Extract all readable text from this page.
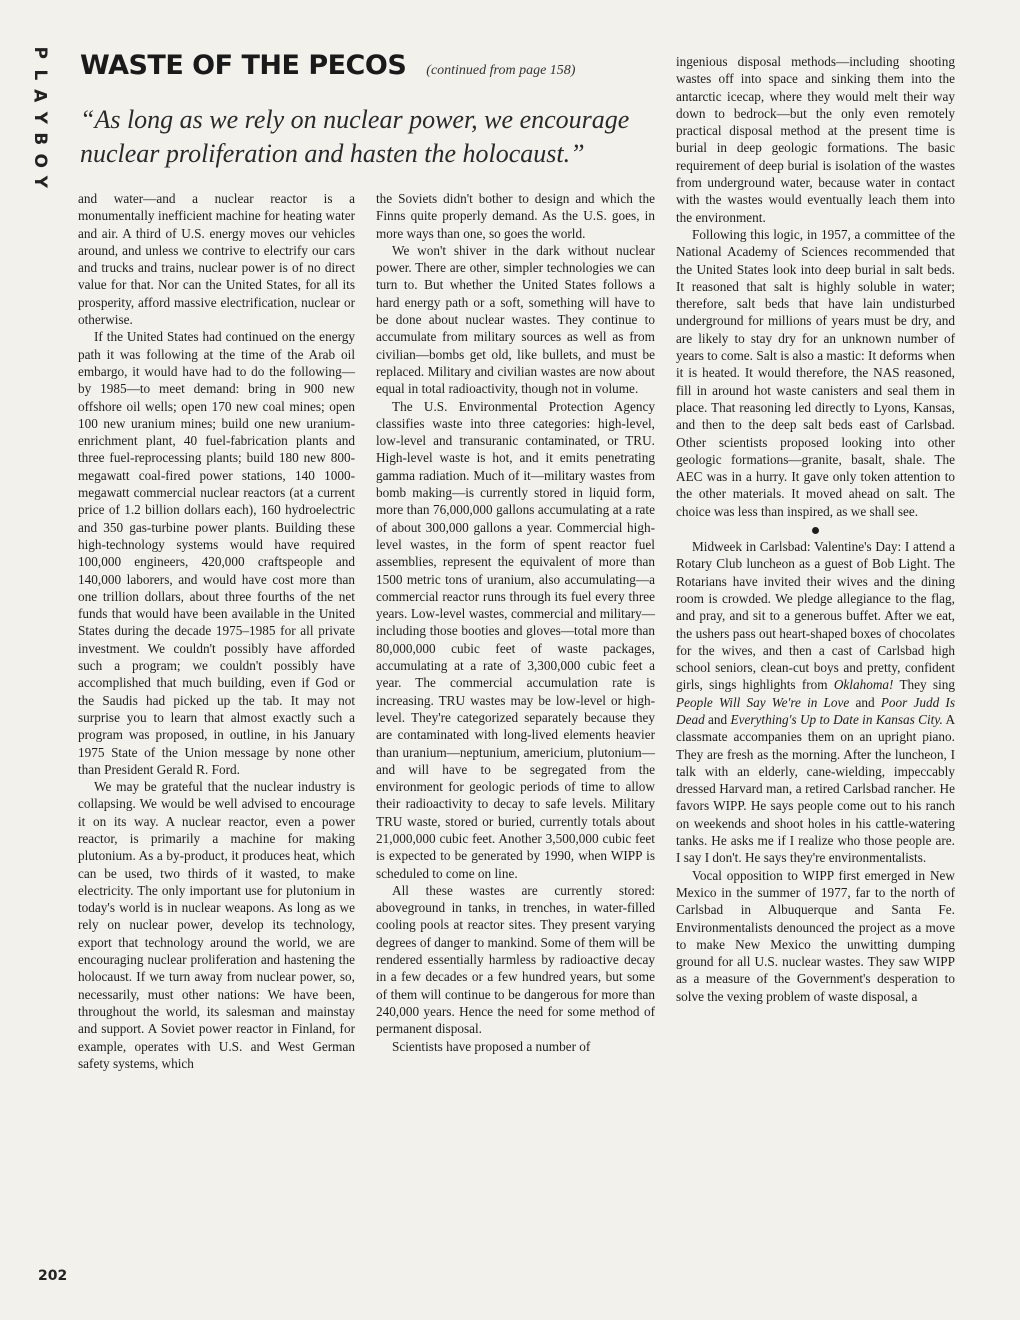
P
L
A
Y
B
O
Y
202
WASTE OF THE PECOS (continued from page 158)
“As long as we rely on nuclear power, we encourage nuclear proliferation and hasten the holocaust.”

and water—and a nuclear reactor is a monumentally inefficient machine for heating water and air. A third of U.S. energy moves our vehicles around, and unless we contrive to electrify our cars and trucks and trains, nuclear power is of no direct value for that. Nor can the United States, for all its prosperity, afford massive electrification, nuclear or otherwise.

If the United States had continued on the energy path it was following at the time of the Arab oil embargo, it would have had to do the following—by 1985—to meet demand: bring in 900 new offshore oil wells; open 170 new coal mines; open 100 new uranium mines; build one new uranium-enrichment plant, 40 fuel-fabrication plants and three fuel-reprocessing plants; build 180 new 800-megawatt coal-fired power stations, 140 1000-megawatt commercial nuclear reactors (at a current price of 1.2 billion dollars each), 160 hydroelectric and 350 gas-turbine power plants. Building these high-technology systems would have required 100,000 engineers, 420,000 craftspeople and 140,000 laborers, and would have cost more than one trillion dollars, about three fourths of the net funds that would have been available in the United States during the decade 1975–1985 for all private investment. We couldn't possibly have afforded such a program; we couldn't possibly have accomplished that much building, even if God or the Saudis had picked up the tab. It may not surprise you to learn that almost exactly such a program was proposed, in outline, in his January 1975 State of the Union message by none other than President Gerald R. Ford.

We may be grateful that the nuclear industry is collapsing. We would be well advised to encourage it on its way. A nuclear reactor, even a power reactor, is primarily a machine for making plutonium. As a by-product, it produces heat, which can be used, two thirds of it wasted, to make electricity. The only important use for plutonium in today's world is in nuclear weapons. As long as we rely on nuclear power, develop its technology, export that technology around the world, we are encouraging nuclear proliferation and hastening the holocaust. If we turn away from nuclear power, so, necessarily, must other nations: We have been, throughout the world, its salesman and mainstay and support. A Soviet power reactor in Finland, for example, operates with U.S. and West German safety systems, which

the Soviets didn't bother to design and which the Finns quite properly demand. As the U.S. goes, in more ways than one, so goes the world.

We won't shiver in the dark without nuclear power. There are other, simpler technologies we can turn to. But whether the United States follows a hard energy path or a soft, something will have to be done about nuclear wastes. They continue to accumulate from military sources as well as from civilian—bombs get old, like bullets, and must be replaced. Military and civilian wastes are now about equal in total radioactivity, though not in volume.

The U.S. Environmental Protection Agency classifies waste into three categories: high-level, low-level and transuranic contaminated, or TRU. High-level waste is hot, and it emits penetrating gamma radiation. Much of it—military wastes from bomb making—is currently stored in liquid form, more than 76,000,000 gallons accumulating at a rate of about 300,000 gallons a year. Commercial high-level wastes, in the form of spent reactor fuel assemblies, represent the equivalent of more than 1500 metric tons of uranium, also accumulating—a commercial reactor runs through its fuel every three years. Low-level wastes, commercial and military—including those booties and gloves—total more than 80,000,000 cubic feet of waste packages, accumulating at a rate of 3,300,000 cubic feet a year. The commercial accumulation rate is increasing. TRU wastes may be low-level or high-level. They're categorized separately because they are contaminated with long-lived elements heavier than uranium—neptunium, americium, plutonium—and will have to be segregated from the environment for geologic periods of time to allow their radioactivity to decay to safe levels. Military TRU waste, stored or buried, currently totals about 21,000,000 cubic feet. Another 3,500,000 cubic feet is expected to be generated by 1990, when WIPP is scheduled to come on line.

All these wastes are currently stored: aboveground in tanks, in trenches, in water-filled cooling pools at reactor sites. They present varying degrees of danger to mankind. Some of them will be rendered essentially harmless by radioactive decay in a few decades or a few hundred years, but some of them will continue to be dangerous for more than 240,000 years. Hence the need for some method of permanent disposal.

Scientists have proposed a number of

ingenious disposal methods—including shooting wastes off into space and sinking them into the antarctic icecap, where they would melt their way down to bedrock—but the only even remotely practical disposal method at the present time is burial in deep geologic formations. The basic requirement of deep burial is isolation of the wastes from underground water, because water in contact with the wastes would eventually leach them into the environment.

Following this logic, in 1957, a committee of the National Academy of Sciences recommended that the United States look into deep burial in salt beds. It reasoned that salt is highly soluble in water; therefore, salt beds that have lain undisturbed underground for millions of years must be dry, and are likely to stay dry for an unknown number of years to come. Salt is also a mastic: It deforms when it is heated. It would therefore, the NAS reasoned, fill in around hot waste canisters and seal them in place. That reasoning led directly to Lyons, Kansas, and then to the deep salt beds east of Carlsbad. Other scientists proposed looking into other geologic formations—granite, basalt, shale. The AEC was in a hurry. It gave only token attention to the other materials. It moved ahead on salt. The choice was less than inspired, as we shall see.

Midweek in Carlsbad: Valentine's Day: I attend a Rotary Club luncheon as a guest of Bob Light. The Rotarians have invited their wives and the dining room is crowded. We pledge allegiance to the flag, and pray, and sit to a generous buffet. After we eat, the ushers pass out heart-shaped boxes of chocolates for the wives, and then a cast of Carlsbad high school seniors, clean-cut boys and pretty, confident girls, sings highlights from Oklahoma! They sing People Will Say We're in Love and Poor Judd Is Dead and Everything's Up to Date in Kansas City. A classmate accompanies them on an upright piano. They are fresh as the morning. After the luncheon, I talk with an elderly, cane-wielding, impeccably dressed Harvard man, a retired Carlsbad rancher. He favors WIPP. He says people come out to his ranch on weekends and shoot holes in his cattle-watering tanks. He asks me if I realize who those people are. I say I don't. He says they're environmentalists.

Vocal opposition to WIPP first emerged in New Mexico in the summer of 1977, far to the north of Carlsbad in Albuquerque and Santa Fe. Environmentalists denounced the project as a move to make New Mexico the unwitting dumping ground for all U.S. nuclear wastes. They saw WIPP as a measure of the Government's desperation to solve the vexing problem of waste disposal, a
